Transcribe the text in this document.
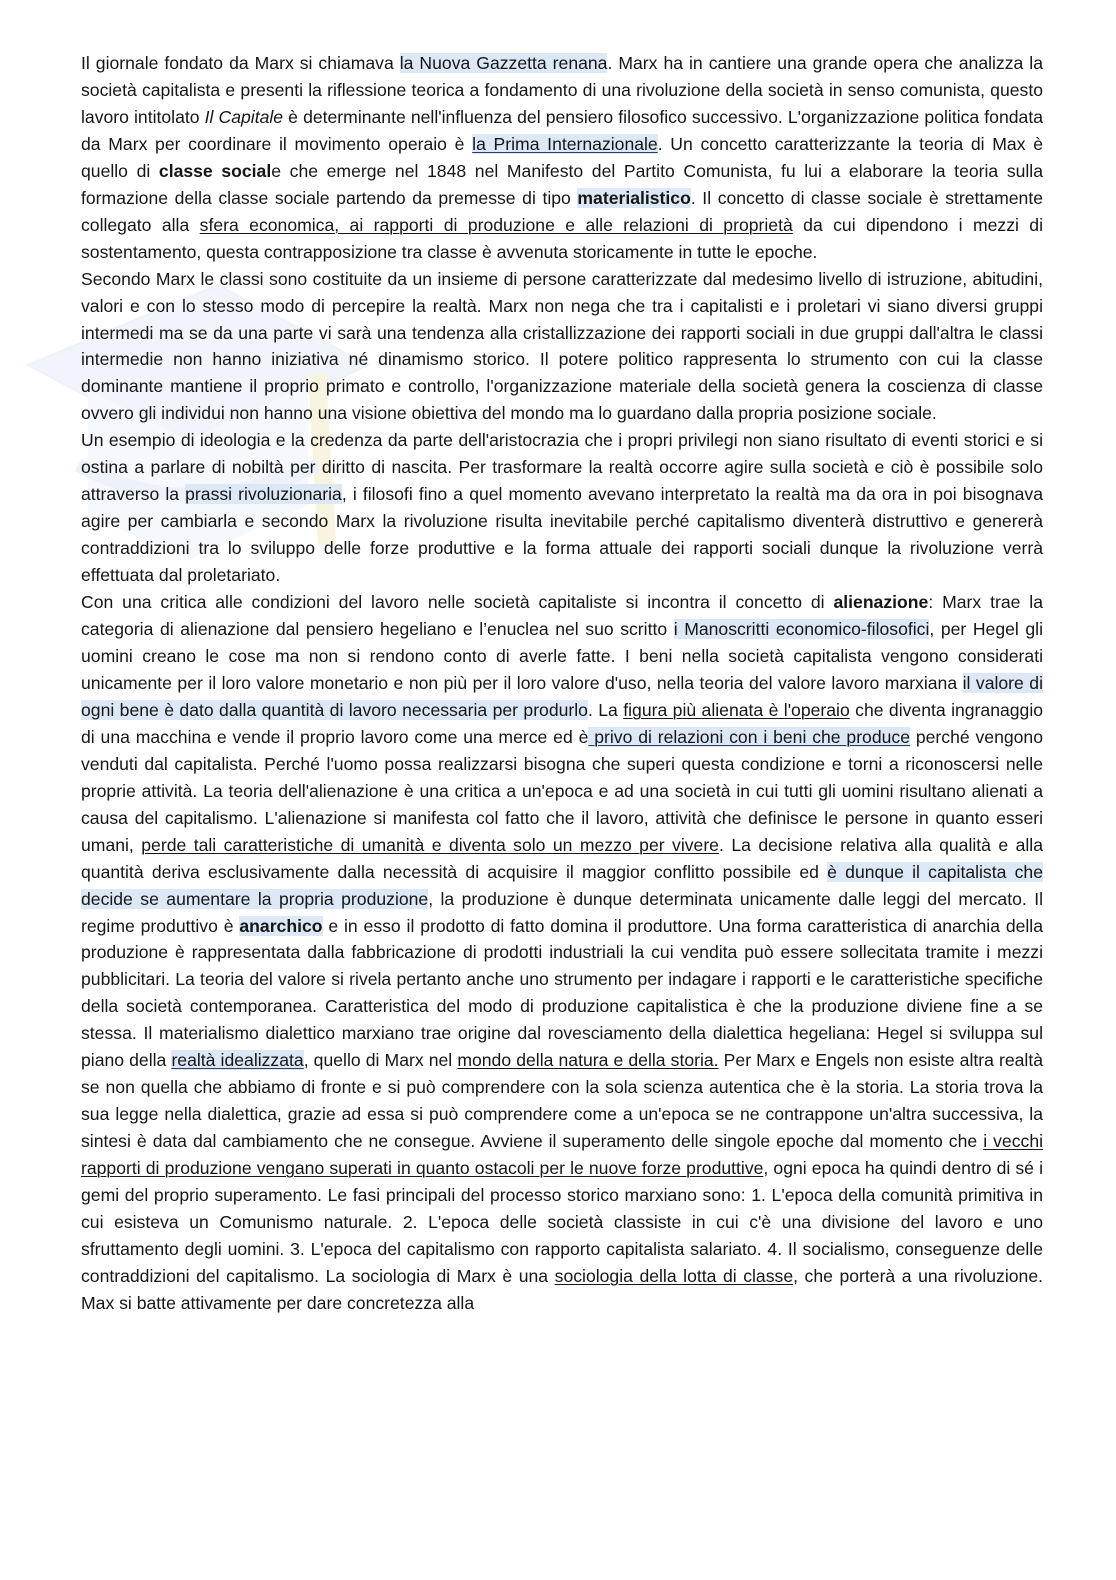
Il giornale fondato da Marx si chiamava la Nuova Gazzetta renana. Marx ha in cantiere una grande opera che analizza la società capitalista e presenti la riflessione teorica a fondamento di una rivoluzione della società in senso comunista, questo lavoro intitolato Il Capitale è determinante nell'influenza del pensiero filosofico successivo. L'organizzazione politica fondata da Marx per coordinare il movimento operaio è la Prima Internazionale. Un concetto caratterizzante la teoria di Max è quello di classe sociale che emerge nel 1848 nel Manifesto del Partito Comunista, fu lui a elaborare la teoria sulla formazione della classe sociale partendo da premesse di tipo materialistico. Il concetto di classe sociale è strettamente collegato alla sfera economica, ai rapporti di produzione e alle relazioni di proprietà da cui dipendono i mezzi di sostentamento, questa contrapposizione tra classe è avvenuta storicamente in tutte le epoche.

Secondo Marx le classi sono costituite da un insieme di persone caratterizzate dal medesimo livello di istruzione, abitudini, valori e con lo stesso modo di percepire la realtà. Marx non nega che tra i capitalisti e i proletari vi siano diversi gruppi intermedi ma se da una parte vi sarà una tendenza alla cristallizzazione dei rapporti sociali in due gruppi dall'altra le classi intermedie non hanno iniziativa né dinamismo storico. Il potere politico rappresenta lo strumento con cui la classe dominante mantiene il proprio primato e controllo, l'organizzazione materiale della società genera la coscienza di classe ovvero gli individui non hanno una visione obiettiva del mondo ma lo guardano dalla propria posizione sociale.

Un esempio di ideologia e la credenza da parte dell'aristocrazia che i propri privilegi non siano risultato di eventi storici e si ostina a parlare di nobiltà per diritto di nascita. Per trasformare la realtà occorre agire sulla società e ciò è possibile solo attraverso la prassi rivoluzionaria, i filosofi fino a quel momento avevano interpretato la realtà ma da ora in poi bisognava agire per cambiarla e secondo Marx la rivoluzione risulta inevitabile perché capitalismo diventerà distruttivo e genererà contraddizioni tra lo sviluppo delle forze produttive e la forma attuale dei rapporti sociali dunque la rivoluzione verrà effettuata dal proletariato.

Con una critica alle condizioni del lavoro nelle società capitaliste si incontra il concetto di alienazione: Marx trae la categoria di alienazione dal pensiero hegeliano e l’enuclea nel suo scritto i Manoscritti economico-filosofici, per Hegel gli uomini creano le cose ma non si rendono conto di averle fatte. I beni nella società capitalista vengono considerati unicamente per il loro valore monetario e non più per il loro valore d'uso, nella teoria del valore lavoro marxiana il valore di ogni bene è dato dalla quantità di lavoro necessaria per produrlo. La figura più alienata è l'operaio che diventa ingranaggio di una macchina e vende il proprio lavoro come una merce ed è privo di relazioni con i beni che produce perché vengono venduti dal capitalista. Perché l'uomo possa realizzarsi bisogna che superi questa condizione e torni a riconoscersi nelle proprie attività. La teoria dell'alienazione è una critica a un'epoca e ad una società in cui tutti gli uomini risultano alienati a causa del capitalismo. L'alienazione si manifesta col fatto che il lavoro, attività che definisce le persone in quanto esseri umani, perde tali caratteristiche di umanità e diventa solo un mezzo per vivere. La decisione relativa alla qualità e alla quantità deriva esclusivamente dalla necessità di acquisire il maggior conflitto possibile ed è dunque il capitalista che decide se aumentare la propria produzione, la produzione è dunque determinata unicamente dalle leggi del mercato. Il regime produttivo è anarchico e in esso il prodotto di fatto domina il produttore. Una forma caratteristica di anarchia della produzione è rappresentata dalla fabbricazione di prodotti industriali la cui vendita può essere sollecitata tramite i mezzi pubblicitari. La teoria del valore si rivela pertanto anche uno strumento per indagare i rapporti e le caratteristiche specifiche della società contemporanea. Caratteristica del modo di produzione capitalistica è che la produzione diviene fine a se stessa. Il materialismo dialettico marxiano trae origine dal rovesciamento della dialettica hegeliana: Hegel si sviluppa sul piano della realtà idealizzata, quello di Marx nel mondo della natura e della storia. Per Marx e Engels non esiste altra realtà se non quella che abbiamo di fronte e si può comprendere con la sola scienza autentica che è la storia. La storia trova la sua legge nella dialettica, grazie ad essa si può comprendere come a un'epoca se ne contrappone un'altra successiva, la sintesi è data dal cambiamento che ne consegue. Avviene il superamento delle singole epoche dal momento che i vecchi rapporti di produzione vengano superati in quanto ostacoli per le nuove forze produttive, ogni epoca ha quindi dentro di sé i gemi del proprio superamento. Le fasi principali del processo storico marxiano sono: 1. L'epoca della comunità primitiva in cui esisteva un Comunismo naturale. 2. L'epoca delle società classiste in cui c'è una divisione del lavoro e uno sfruttamento degli uomini. 3. L'epoca del capitalismo con rapporto capitalista salariato. 4. Il socialismo, conseguenze delle contraddizioni del capitalismo. La sociologia di Marx è una sociologia della lotta di classe, che porterà a una rivoluzione. Max si batte attivamente per dare concretezza alla
